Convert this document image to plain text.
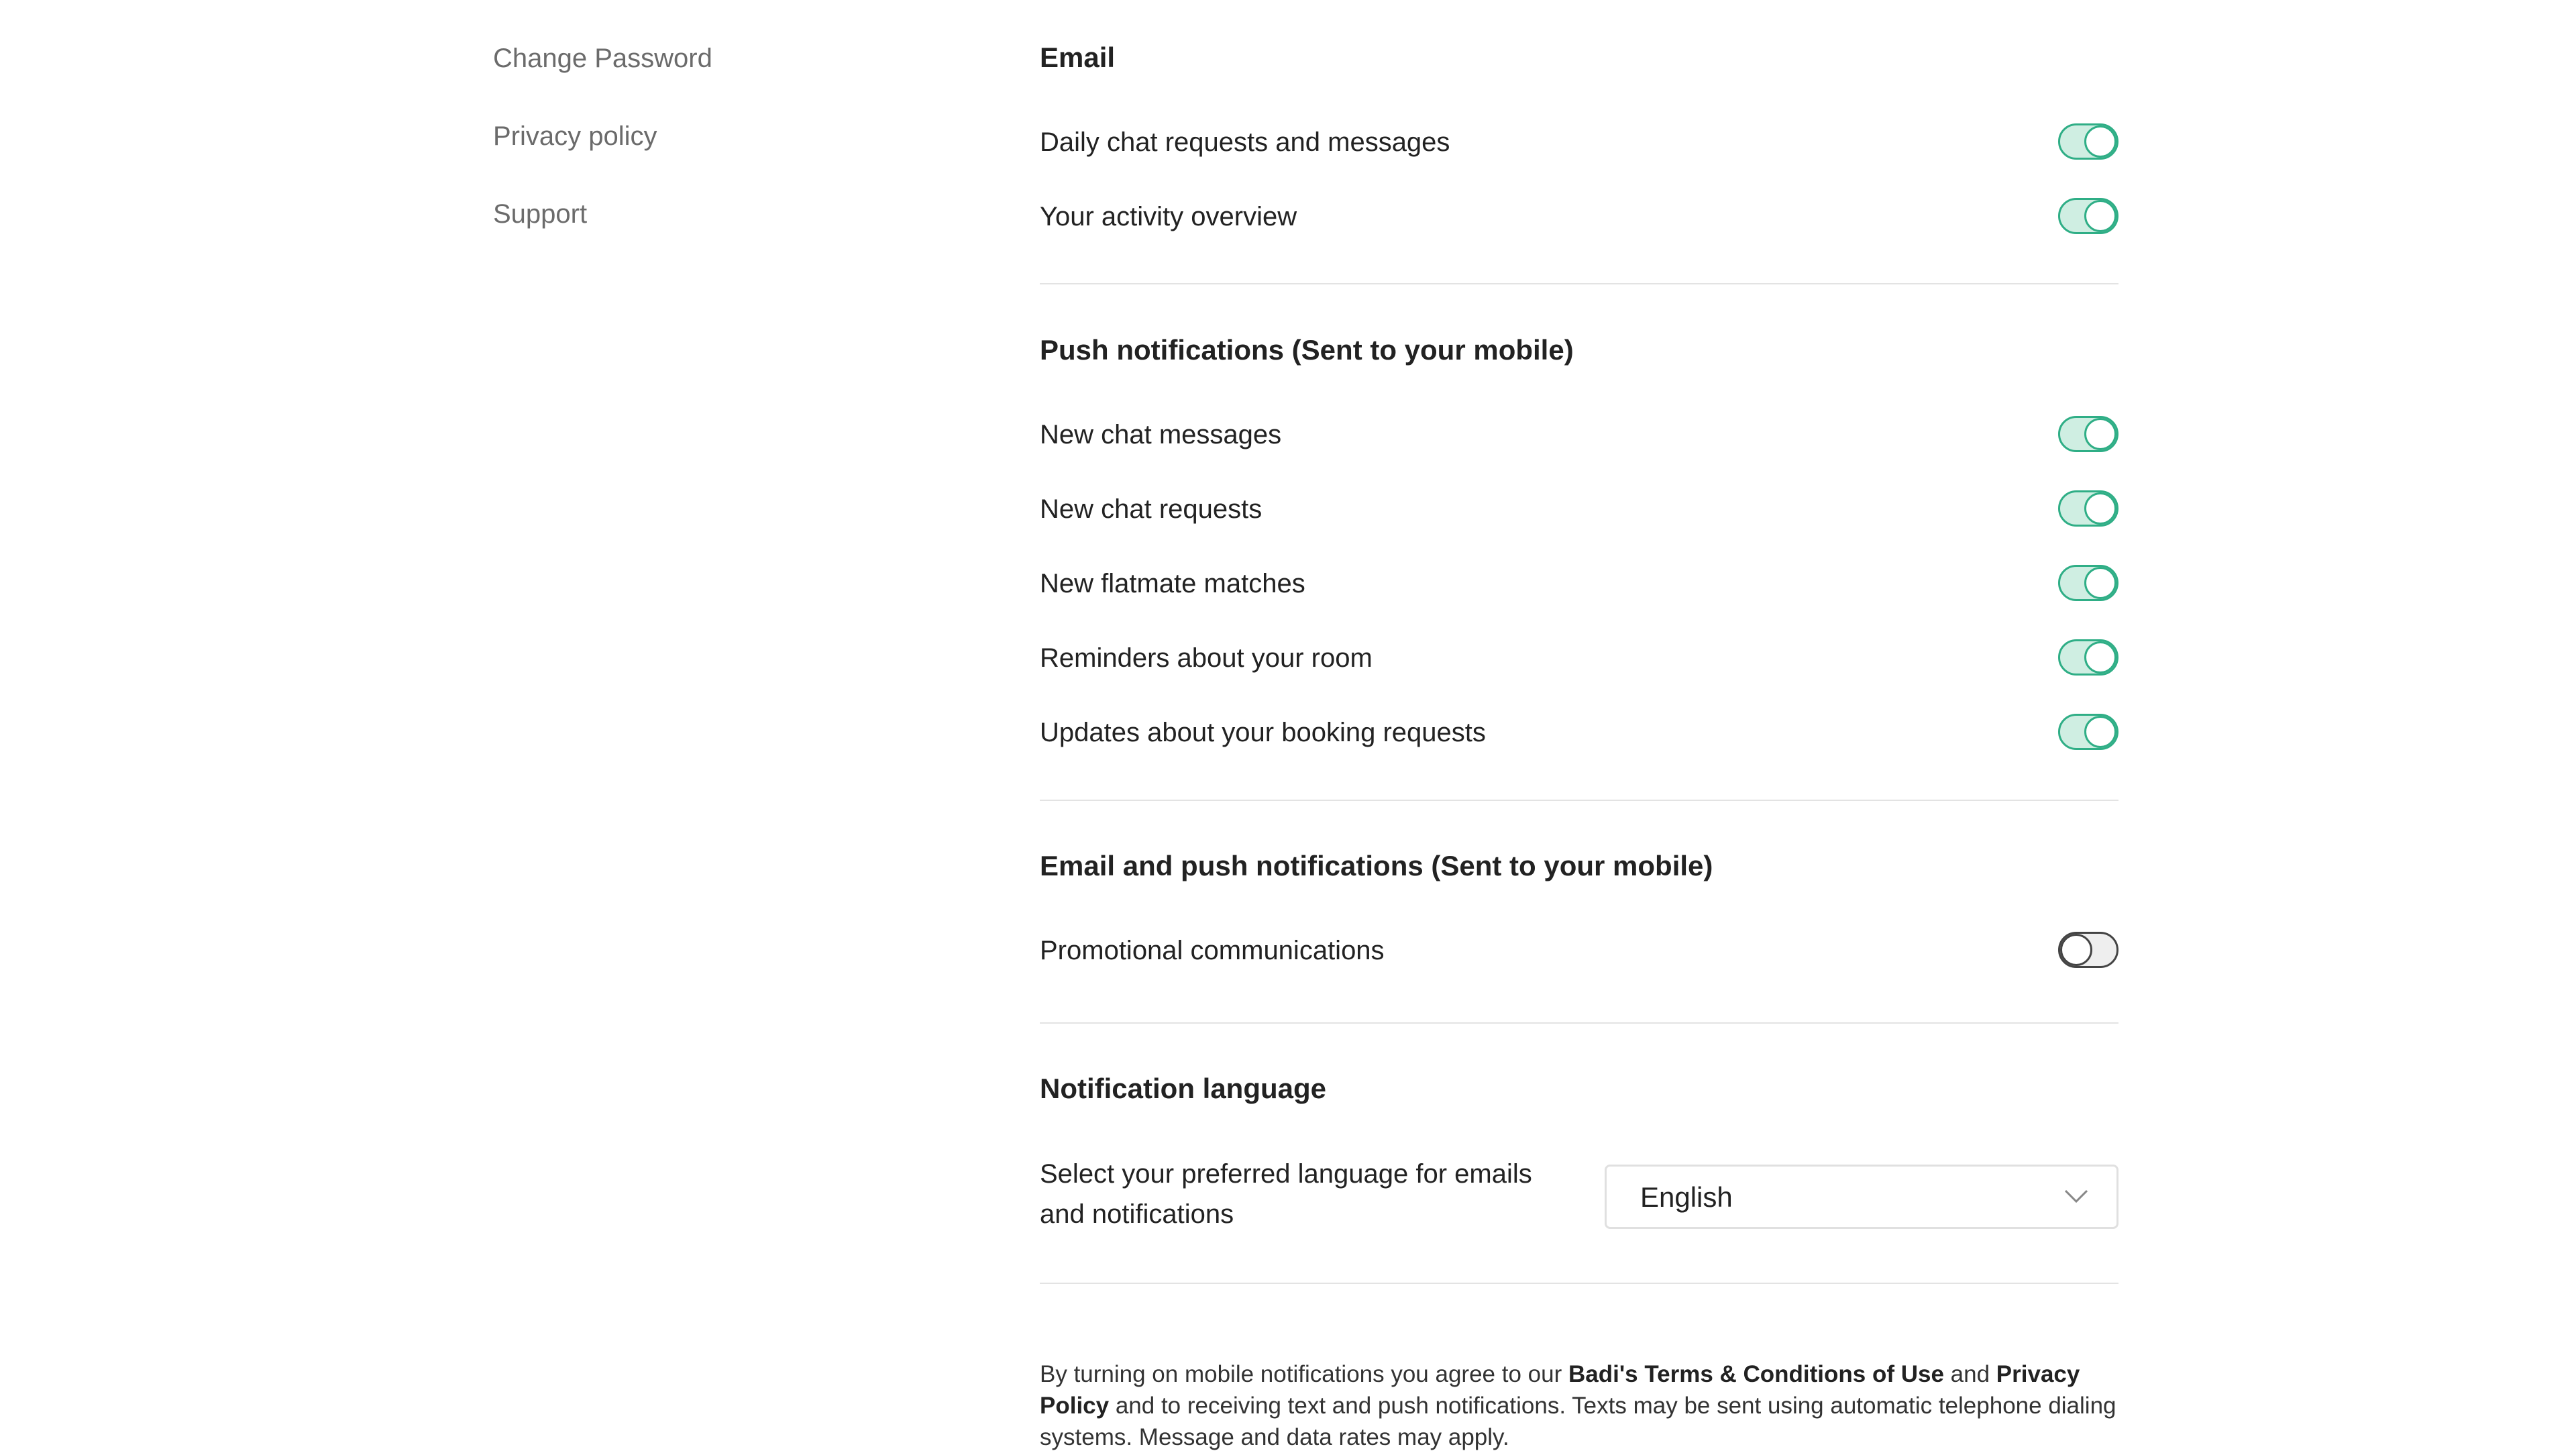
Change Password
Privacy policy
Support
Email
Daily chat requests and messages
Your activity overview
Push notifications (Sent to your mobile)
New chat messages
New chat requests
New flatmate matches
Reminders about your room
Updates about your booking requests
Email and push notifications (Sent to your mobile)
Promotional communications
Notification language
Select your preferred language for emails and notifications
English

By turning on mobile notifications you agree to our Badi's Terms & Conditions of Use and Privacy Policy and to receiving text and push notifications. Texts may be sent using automatic telephone dialing systems. Message and data rates may apply.
